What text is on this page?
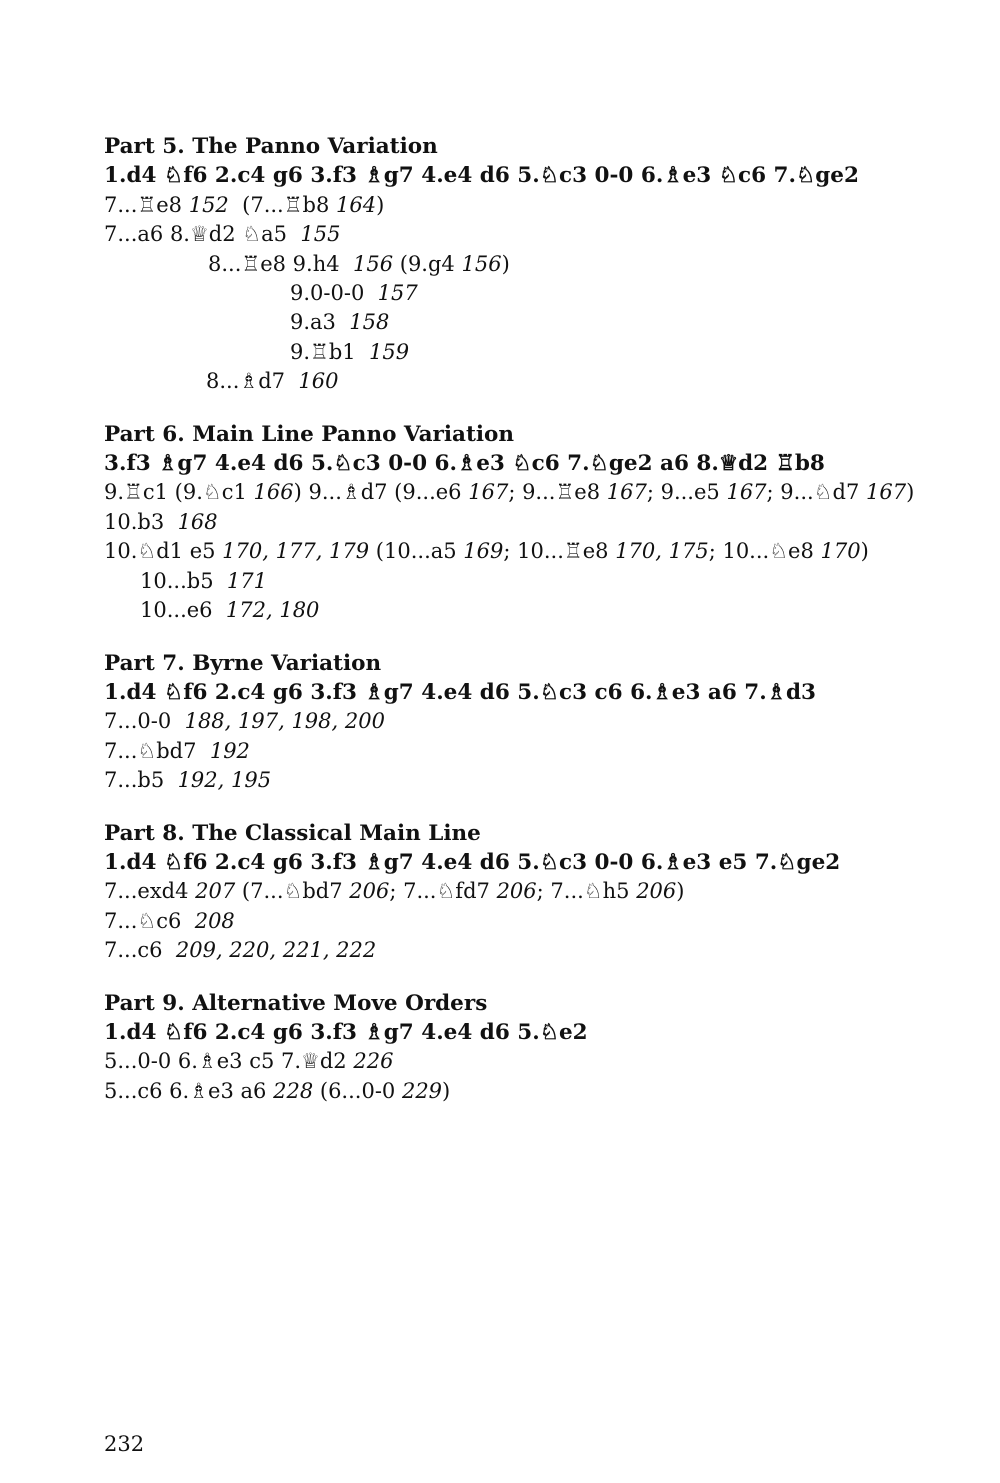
Part 5. The Panno Variation
1.d4 ♘f6 2.c4 g6 3.f3 ♗g7 4.e4 d6 5.♘c3 0-0 6.♗e3 ♘c6 7.♘ge2
7...♖e8 152 (7...♖b8 164)
7...a6 8.♕d2 ♘a5 155
8...♖e8 9.h4 156 (9.g4 156)
9.0-0-0 157
9.a3 158
9.♖b1 159
8...♗d7 160
Part 6. Main Line Panno Variation
3.f3 ♗g7 4.e4 d6 5.♘c3 0-0 6.♗e3 ♘c6 7.♘ge2 a6 8.♕d2 ♖b8
9.♖c1 (9.♘c1 166) 9...♗d7 (9...e6 167; 9...♖e8 167; 9...e5 167; 9...♘d7 167)
10.b3 168
10.♘d1 e5 170, 177, 179 (10...a5 169; 10...♖e8 170, 175; 10...♘e8 170)
10...b5 171
10...e6 172, 180
Part 7. Byrne Variation
1.d4 ♘f6 2.c4 g6 3.f3 ♗g7 4.e4 d6 5.♘c3 c6 6.♗e3 a6 7.♗d3
7...0-0 188, 197, 198, 200
7...♘bd7 192
7...b5 192, 195
Part 8. The Classical Main Line
1.d4 ♘f6 2.c4 g6 3.f3 ♗g7 4.e4 d6 5.♘c3 0-0 6.♗e3 e5 7.♘ge2
7...exd4 207 (7...♘bd7 206; 7...♘fd7 206; 7...♘h5 206)
7...♘c6 208
7...c6 209, 220, 221, 222
Part 9. Alternative Move Orders
1.d4 ♘f6 2.c4 g6 3.f3 ♗g7 4.e4 d6 5.♘e2
5...0-0 6.♗e3 c5 7.♕d2 226
5...c6 6.♗e3 a6 228 (6...0-0 229)
232
